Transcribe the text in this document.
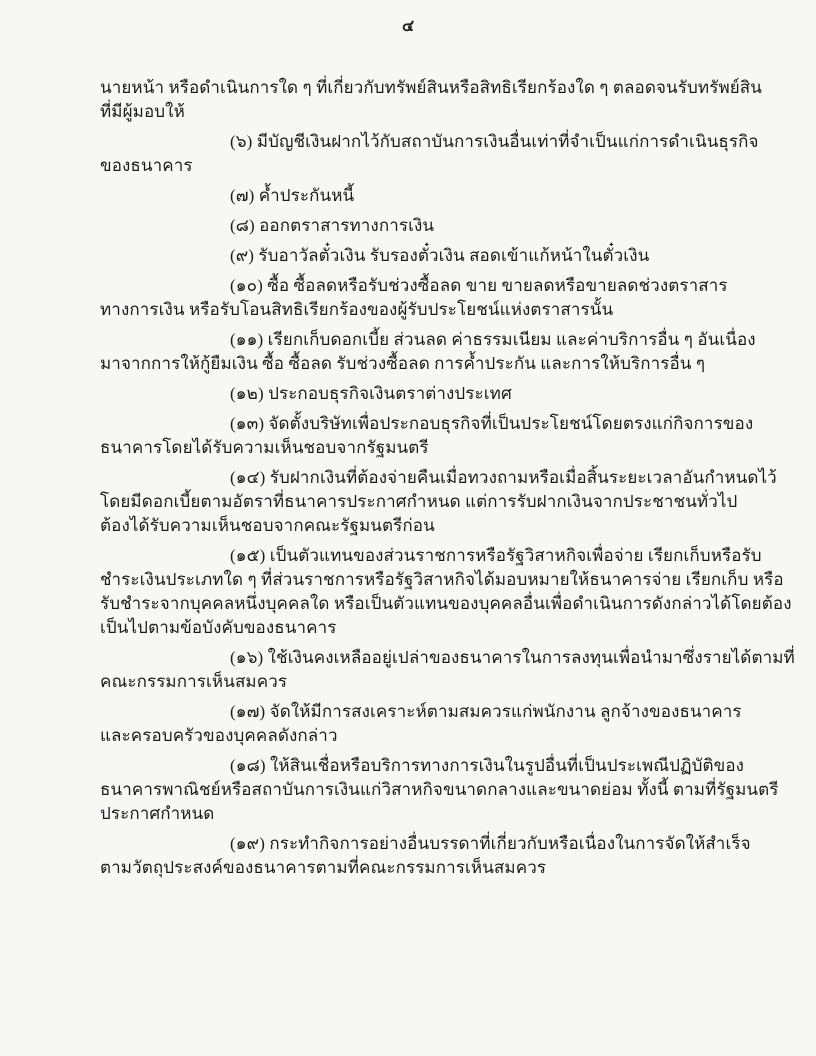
๔
นายหน้า หรือดำเนินการใด ๆ ที่เกี่ยวกับทรัพย์สินหรือสิทธิเรียกร้องใด ๆ ตลอดจนรับทรัพย์สิน
ที่มีผู้มอบให้
(๖) มีบัญชีเงินฝากไว้กับสถาบันการเงินอื่นเท่าที่จำเป็นแก่การดำเนินธุรกิจ
ของธนาคาร
(๗) ค้ำประกันหนี้
(๘) ออกตราสารทางการเงิน
(๙) รับอาวัลตั๋วเงิน รับรองตั๋วเงิน สอดเข้าแก้หน้าในตั๋วเงิน
(๑๐) ซื้อ ซื้อลดหรือรับช่วงซื้อลด ขาย ขายลดหรือขายลดช่วงตราสาร
ทางการเงิน หรือรับโอนสิทธิเรียกร้องของผู้รับประโยชน์แห่งตราสารนั้น
(๑๑) เรียกเก็บดอกเบี้ย ส่วนลด ค่าธรรมเนียม และค่าบริการอื่น ๆ อันเนื่อง
มาจากการให้กู้ยืมเงิน ซื้อ ซื้อลด รับช่วงซื้อลด การค้ำประกัน และการให้บริการอื่น ๆ
(๑๒) ประกอบธุรกิจเงินตราต่างประเทศ
(๑๓) จัดตั้งบริษัทเพื่อประกอบธุรกิจที่เป็นประโยชน์โดยตรงแก่กิจการของ
ธนาคารโดยได้รับความเห็นชอบจากรัฐมนตรี
(๑๔) รับฝากเงินที่ต้องจ่ายคืนเมื่อทวงถามหรือเมื่อสิ้นระยะเวลาอันกำหนดไว้
โดยมีดอกเบี้ยตามอัตราที่ธนาคารประกาศกำหนด แต่การรับฝากเงินจากประชาชนทั่วไป
ต้องได้รับความเห็นชอบจากคณะรัฐมนตรีก่อน
(๑๕) เป็นตัวแทนของส่วนราชการหรือรัฐวิสาหกิจเพื่อจ่าย เรียกเก็บหรือรับ
ชำระเงินประเภทใด ๆ ที่ส่วนราชการหรือรัฐวิสาหกิจได้มอบหมายให้ธนาคารจ่าย เรียกเก็บ หรือ
รับชำระจากบุคคลหนึ่งบุคคลใด หรือเป็นตัวแทนของบุคคลอื่นเพื่อดำเนินการดังกล่าวได้โดยต้อง
เป็นไปตามข้อบังคับของธนาคาร
(๑๖) ใช้เงินคงเหลืออยู่เปล่าของธนาคารในการลงทุนเพื่อนำมาซึ่งรายได้ตามที่
คณะกรรมการเห็นสมควร
(๑๗) จัดให้มีการสงเคราะห์ตามสมควรแก่พนักงาน ลูกจ้างของธนาคาร
และครอบครัวของบุคคลดังกล่าว
(๑๘) ให้สินเชื่อหรือบริการทางการเงินในรูปอื่นที่เป็นประเพณีปฏิบัติของ
ธนาคารพาณิชย์หรือสถาบันการเงินแก่วิสาหกิจขนาดกลางและขนาดย่อม ทั้งนี้ ตามที่รัฐมนตรี
ประกาศกำหนด
(๑๙) กระทำกิจการอย่างอื่นบรรดาที่เกี่ยวกับหรือเนื่องในการจัดให้สำเร็จ
ตามวัตถุประสงค์ของธนาคารตามที่คณะกรรมการเห็นสมควร
